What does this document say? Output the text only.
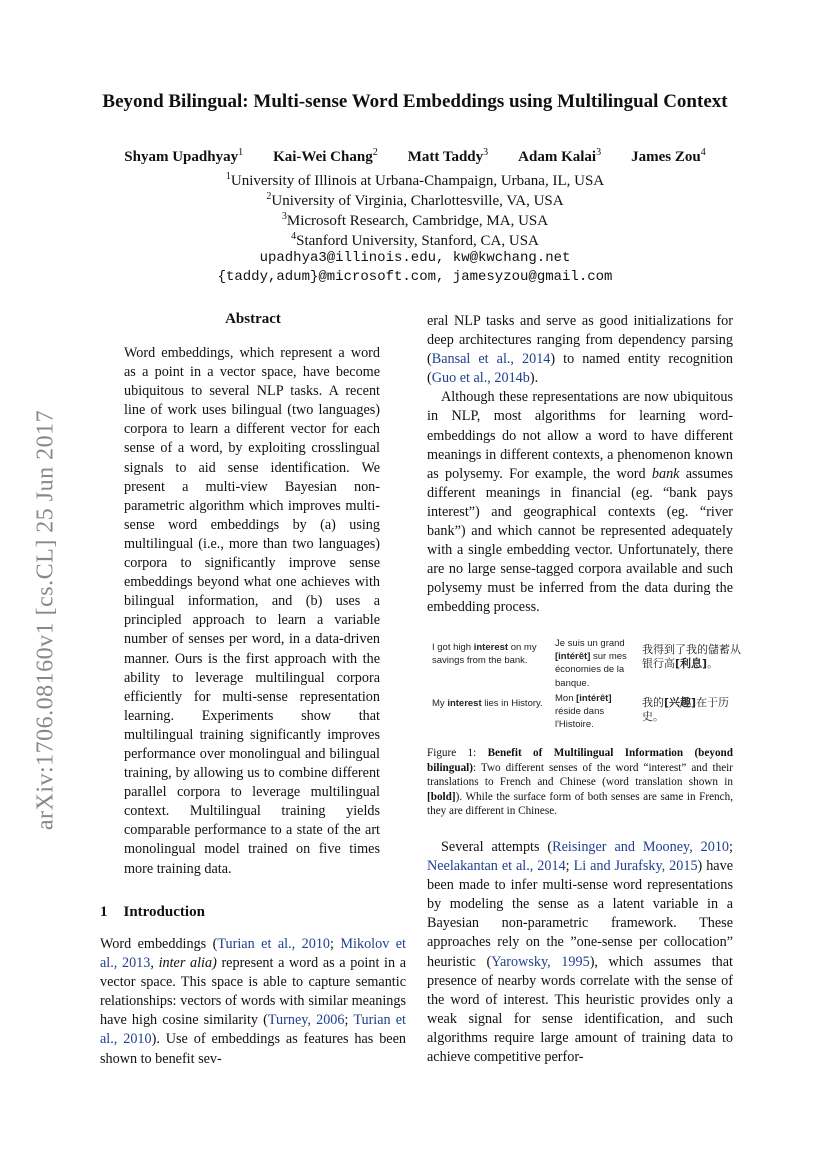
arXiv:1706.08160v1 [cs.CL] 25 Jun 2017
Beyond Bilingual: Multi-sense Word Embeddings using Multilingual Context
Shyam Upadhyay$^1$ Kai-Wei Chang$^2$ Matt Taddy$^3$ Adam Kalai$^3$ James Zou$^4$
$^1$University of Illinois at Urbana-Champaign, Urbana, IL, USA
$^2$University of Virginia, Charlottesville, VA, USA
$^3$Microsoft Research, Cambridge, MA, USA
$^4$Stanford University, Stanford, CA, USA
upadhya3@illinois.edu, kw@kwchang.net
{taddy,adum}@microsoft.com, jamesyzou@gmail.com
Abstract

Word embeddings, which represent a word as a point in a vector space, have become ubiquitous to several NLP tasks. A recent line of work uses bilingual (two languages) corpora to learn a different vector for each sense of a word, by exploiting crosslingual signals to aid sense identification. We present a multi-view Bayesian non-parametric algorithm which improves multi-sense word embeddings by (a) using multilingual (i.e., more than two languages) corpora to significantly improve sense embeddings beyond what one achieves with bilingual information, and (b) uses a principled approach to learn a variable number of senses per word, in a data-driven manner. Ours is the first approach with the ability to leverage multilingual corpora efficiently for multi-sense representation learning. Experiments show that multilingual training significantly improves performance over monolingual and bilingual training, by allowing us to combine different parallel corpora to leverage multilingual context. Multilingual training yields comparable performance to a state of the art monolingual model trained on five times more training data.

1 Introduction

Word embeddings (Turian et al., 2010; Mikolov et al., 2013, inter alia) represent a word as a point in a vector space. This space is able to capture semantic relationships: vectors of words with similar meanings have high cosine similarity (Turney, 2006; Turian et al., 2010). Use of embeddings as features has been shown to benefit sev-

eral NLP tasks and serve as good initializations for deep architectures ranging from dependency parsing (Bansal et al., 2014) to named entity recognition (Guo et al., 2014b).

Although these representations are now ubiquitous in NLP, most algorithms for learning word-embeddings do not allow a word to have different meanings in different contexts, a phenomenon known as polysemy. For example, the word bank assumes different meanings in financial (eg. “bank pays interest”) and geographical contexts (eg. “river bank”) and which cannot be represented adequately with a single embedding vector. Unfortunately, there are no large sense-tagged corpora available and such polysemy must be inferred from the data during the embedding process.

I got high interest on my savings from the bank.
Je suis un grand [intérêt] sur mes économies de la banque.
我得到了我的儲蓄从银行高[利息]。
My interest lies in History.	Mon [intérêt] réside dans l'Histoire.
我的[兴趣]在于历史。
Figure 1: Benefit of Multilingual Information (beyond bilingual): Two different senses of the word “interest” and their translations to French and Chinese (word translation shown in [bold]). While the surface form of both senses are same in French, they are different in Chinese.

Several attempts (Reisinger and Mooney, 2010; Neelakantan et al., 2014; Li and Jurafsky, 2015) have been made to infer multi-sense word representations by modeling the sense as a latent variable in a Bayesian non-parametric framework. These approaches rely on the ”one-sense per collocation” heuristic (Yarowsky, 1995), which assumes that presence of nearby words correlate with the sense of the word of interest. This heuristic provides only a weak signal for sense identification, and such algorithms require large amount of training data to achieve competitive perfor-
